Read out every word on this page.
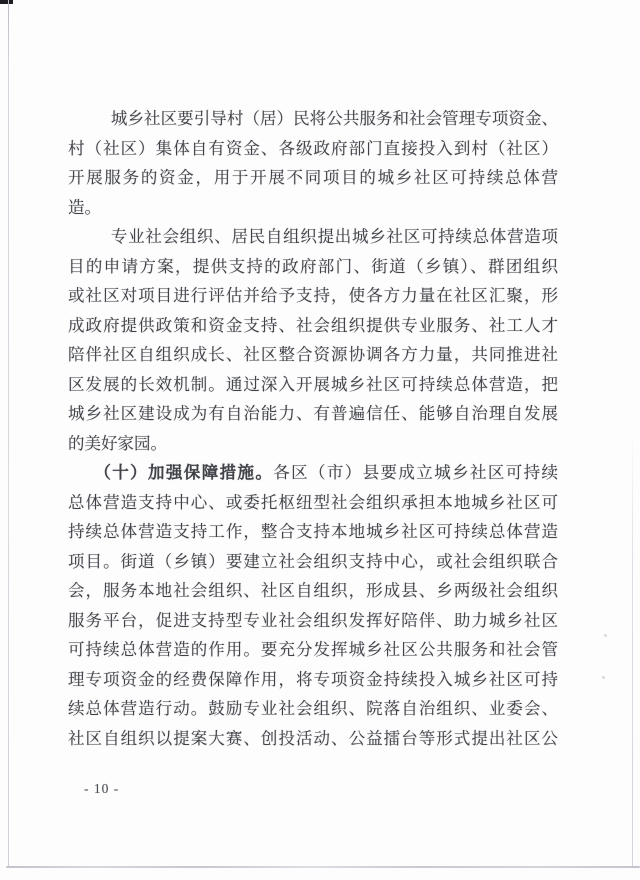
城乡社区要引导村（居）民将公共服务和社会管理专项资金、
村（社区）集体自有资金、各级政府部门直接投入到村（社区）
开展服务的资金，用于开展不同项目的城乡社区可持续总体营
造。
专业社会组织、居民自组织提出城乡社区可持续总体营造项
目的申请方案，提供支持的政府部门、街道（乡镇）、群团组织
或社区对项目进行评估并给予支持，使各方力量在社区汇聚，形
成政府提供政策和资金支持、社会组织提供专业服务、社工人才
陪伴社区自组织成长、社区整合资源协调各方力量，共同推进社
区发展的长效机制。通过深入开展城乡社区可持续总体营造，把
城乡社区建设成为有自治能力、有普遍信任、能够自治理自发展
的美好家园。
（十）加强保障措施。各区（市）县要成立城乡社区可持续
总体营造支持中心、或委托枢纽型社会组织承担本地城乡社区可
持续总体营造支持工作，整合支持本地城乡社区可持续总体营造
项目。街道（乡镇）要建立社会组织支持中心，或社会组织联合
会，服务本地社会组织、社区自组织，形成县、乡两级社会组织
服务平台，促进支持型专业社会组织发挥好陪伴、助力城乡社区
可持续总体营造的作用。要充分发挥城乡社区公共服务和社会管
理专项资金的经费保障作用，将专项资金持续投入城乡社区可持
续总体营造行动。鼓励专业社会组织、院落自治组织、业委会、
社区自组织以提案大赛、创投活动、公益擂台等形式提出社区公
- 10 -
